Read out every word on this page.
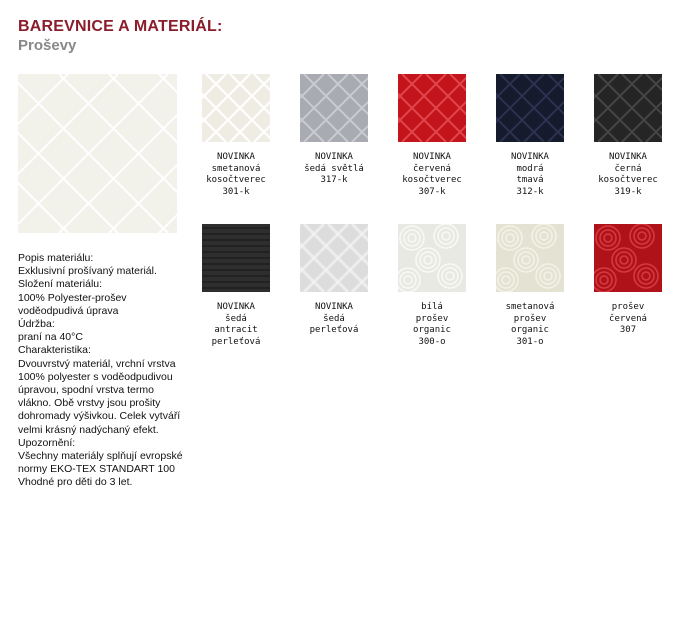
BAREVNICE A MATERIÁL:
Proševy
Popis materiálu:
Exklusivní prošívaný materiál.
Složení materiálu:
100% Polyester-prošev voděodpudivá úprava
Údržba:
praní na 40°C
Charakteristika:
Dvouvrstvý materiál, vrchní vrstva 100% polyester s voděodpudivou úpravou, spodní vrstva termo vlákno. Obě vrstvy jsou prošity dohromady výšivkou. Celek vytváří velmi krásný nadýchaný efekt.
Upozornění:
Všechny materiály splňují evropské normy EKO-TEX STANDART 100
Vhodné pro děti do 3 let.
NOVINKA
smetanová
kosočtverec
301-k
NOVINKA
šedá světlá
317-k
NOVINKA
červená
kosočtverec
307-k
NOVINKA
modrá
tmavá
312-k
NOVINKA
černá
kosočtverec
319-k
NOVINKA
šedá
antracit
perleťová
NOVINKA
šedá
perleťová
bílá
prošev
organic
300-o
smetanová
prošev
organic
301-o
prošev
červená
307
